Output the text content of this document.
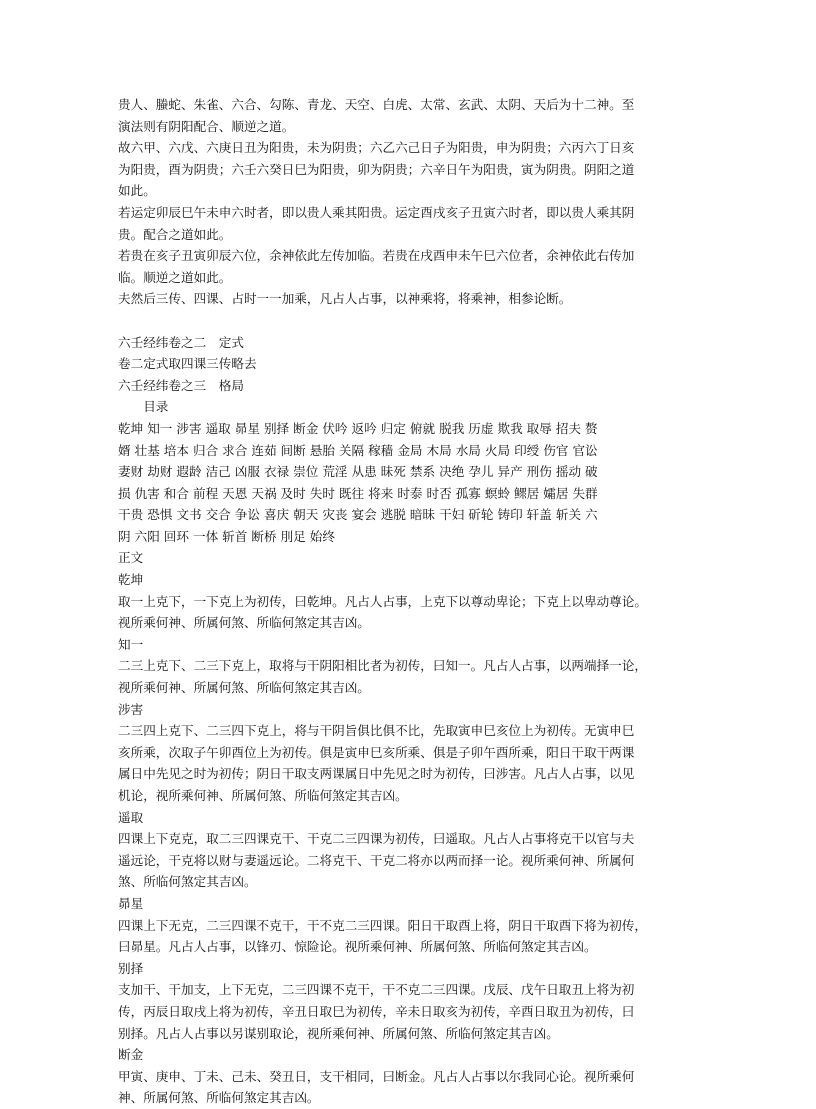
贵人、螣蛇、朱雀、六合、勾陈、青龙、天空、白虎、太常、玄武、太阴、天后为十二神。至
演法则有阴阳配合、顺逆之道。
故六甲、六戊、六庚日丑为阳贵，未为阴贵；六乙六己日子为阳贵，申为阴贵；六丙六丁日亥
为阳贵，酉为阴贵；六壬六癸日巳为阳贵，卯为阴贵；六辛日午为阳贵，寅为阴贵。阴阳之道
如此。
若运定卯辰巳午未申六时者，即以贵人乘其阳贵。运定酉戌亥子丑寅六时者，即以贵人乘其阴
贵。配合之道如此。
若贵在亥子丑寅卯辰六位，余神依此左传加临。若贵在戌酉申未午巳六位者，余神依此右传加
临。顺逆之道如此。
夫然后三传、四课、占时一一加乘，凡占人占事，以神乘将，将乘神，相参论断。
六壬经纬卷之二　定式
卷二定式取四课三传略去
六壬经纬卷之三　格局
　　目录
乾坤 知一 涉害 遥取 昴星 别择 断金 伏吟 返吟 归定 俯就 脱我 历虚 欺我 取辱 招夫 赘
婿 壮基 培本 归合 求合 连茹 间断 悬胎 关隔 稼穑 金局 木局 水局 火局 印绶 伤官 官讼
妻财 劫财 遐龄 洁己 凶服 衣禄 崇位 荒淫 从患 昧死 禁系 决绝 孕儿 异产 刑伤 摇动 破
损 仇害 和合 前程 天恩 天祸 及时 失时 既往 将来 时泰 时否 孤寡 螟蛉 鳏居 孀居 失群
干贵 恐惧 文书 交合 争讼 喜庆 朝天 灾丧 宴会 逃脱 暗昧 干妇 斫轮 铸印 轩盖 斩关 六
阴 六阳 回环 一体 斩首 断桥 刖足 始终
正文
乾坤
取一上克下，一下克上为初传，曰乾坤。凡占人占事，上克下以尊动卑论；下克上以卑动尊论。
视所乘何神、所属何煞、所临何煞定其吉凶。
知一
二三上克下、二三下克上，取将与干阴阳相比者为初传，曰知一。凡占人占事，以两端择一论，
视所乘何神、所属何煞、所临何煞定其吉凶。
涉害
二三四上克下、二三四下克上，将与干阴旨俱比俱不比，先取寅申巳亥位上为初传。无寅申巳
亥所乘，次取子午卯酉位上为初传。俱是寅申巳亥所乘、俱是子卯午酉所乘，阳日干取干两课
属日中先见之时为初传；阴日干取支两课属日中先见之时为初传，曰涉害。凡占人占事，以见
机论，视所乘何神、所属何煞、所临何煞定其吉凶。
遥取
四课上下克克，取二三四课克干、干克二三四课为初传，曰遥取。凡占人占事将克干以官与夫
遥远论，干克将以财与妻遥远论。二将克干、干克二将亦以两而择一论。视所乘何神、所属何
煞、所临何煞定其吉凶。
昴星
四课上下无克，二三四课不克干，干不克二三四课。阳日干取酉上将，阴日干取酉下将为初传，
曰昴星。凡占人占事，以锋刃、惊险论。视所乘何神、所属何煞、所临何煞定其吉凶。
别择
支加干、干加支，上下无克，二三四课不克干，干不克二三四课。戊辰、戊午日取丑上将为初
传，丙辰日取戌上将为初传，辛丑日取巳为初传，辛未日取亥为初传，辛酉日取丑为初传，曰
别择。凡占人占事以另谋别取论，视所乘何神、所属何煞、所临何煞定其吉凶。
断金
甲寅、庚申、丁未、己未、癸丑日，支干相同，曰断金。凡占人占事以尔我同心论。视所乘何
神、所属何煞、所临何煞定其吉凶。
